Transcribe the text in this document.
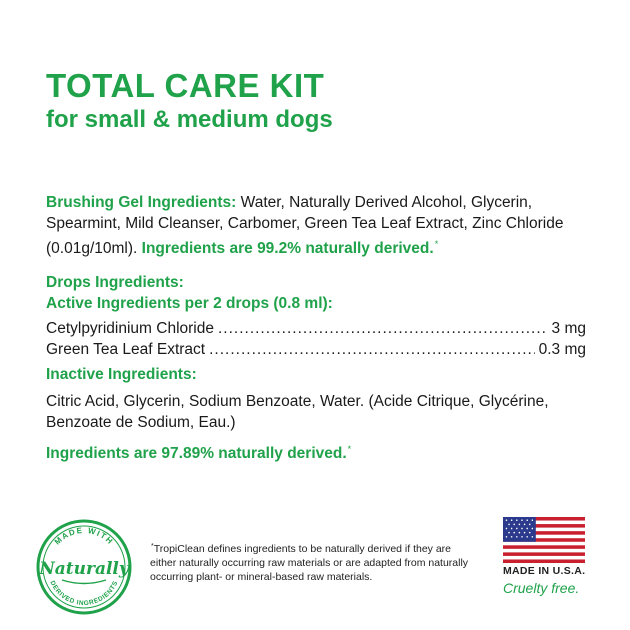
TOTAL CARE KIT
for small & medium dogs
Brushing Gel Ingredients: Water, Naturally Derived Alcohol, Glycerin, Spearmint, Mild Cleanser, Carbomer, Green Tea Leaf Extract, Zinc Chloride (0.01g/10ml). Ingredients are 99.2% naturally derived.*
Drops Ingredients:
Active Ingredients per 2 drops (0.8 ml):
Cetylpyridinium Chloride .....	3 mg
Green Tea Leaf Extract .....	0.3 mg
Inactive Ingredients:
Citric Acid, Glycerin, Sodium Benzoate, Water. (Acide Citrique, Glycérine, Benzoate de Sodium, Eau.)
Ingredients are 97.89% naturally derived.*
MADE WITH
Naturally
DERIVED INGREDIENTS
*TropiClean defines ingredients to be naturally derived if they are either naturally occurring raw materials or are adapted from naturally occurring plant- or mineral-based raw materials.	MADE IN U.S.A.
Cruelty free.
